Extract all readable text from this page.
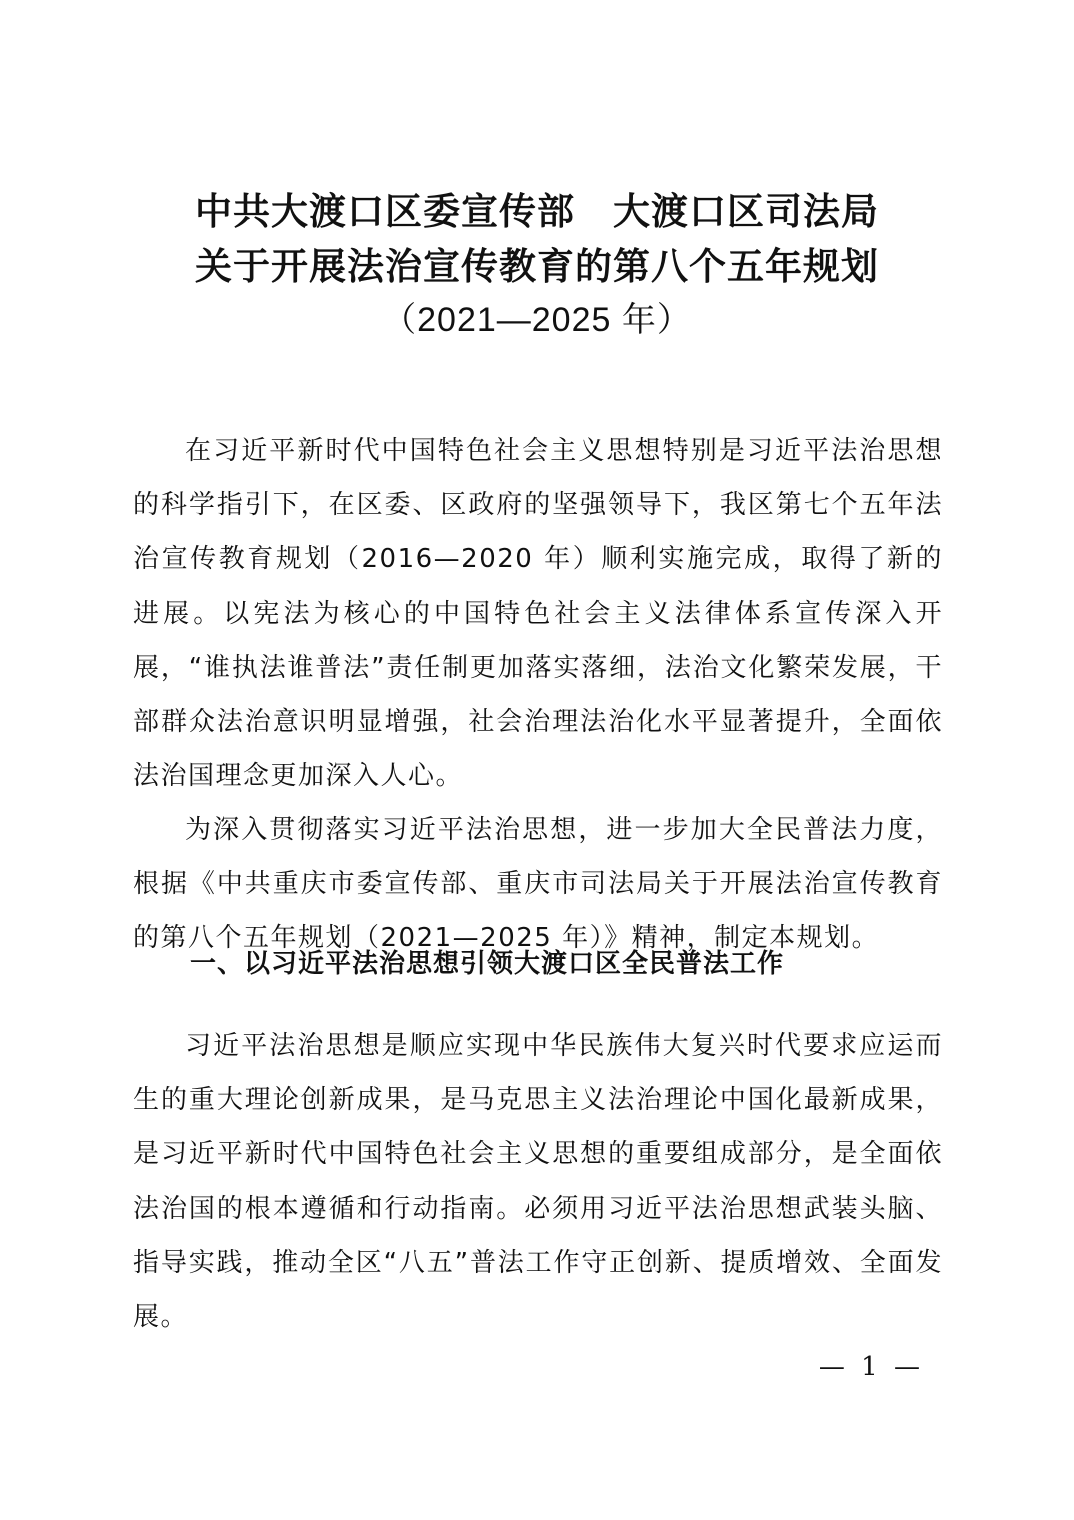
中共大渡口区委宣传部　大渡口区司法局
关于开展法治宣传教育的第八个五年规划
（2021—2025 年）

在习近平新时代中国特色社会主义思想特别是习近平法治思想的科学指引下，在区委、区政府的坚强领导下，我区第七个五年法治宣传教育规划（2016—2020 年）顺利实施完成，取得了新的进展。以宪法为核心的中国特色社会主义法律体系宣传深入开展，“谁执法谁普法”责任制更加落实落细，法治文化繁荣发展，干部群众法治意识明显增强，社会治理法治化水平显著提升，全面依法治国理念更加深入人心。

为深入贯彻落实习近平法治思想，进一步加大全民普法力度，根据《中共重庆市委宣传部、重庆市司法局关于开展法治宣传教育的第八个五年规划（2021—2025 年）》精神，制定本规划。

一、以习近平法治思想引领大渡口区全民普法工作

习近平法治思想是顺应实现中华民族伟大复兴时代要求应运而生的重大理论创新成果，是马克思主义法治理论中国化最新成果，是习近平新时代中国特色社会主义思想的重要组成部分，是全面依法治国的根本遵循和行动指南。必须用习近平法治思想武装头脑、指导实践，推动全区“八五”普法工作守正创新、提质增效、全面发展。

— 1 —
